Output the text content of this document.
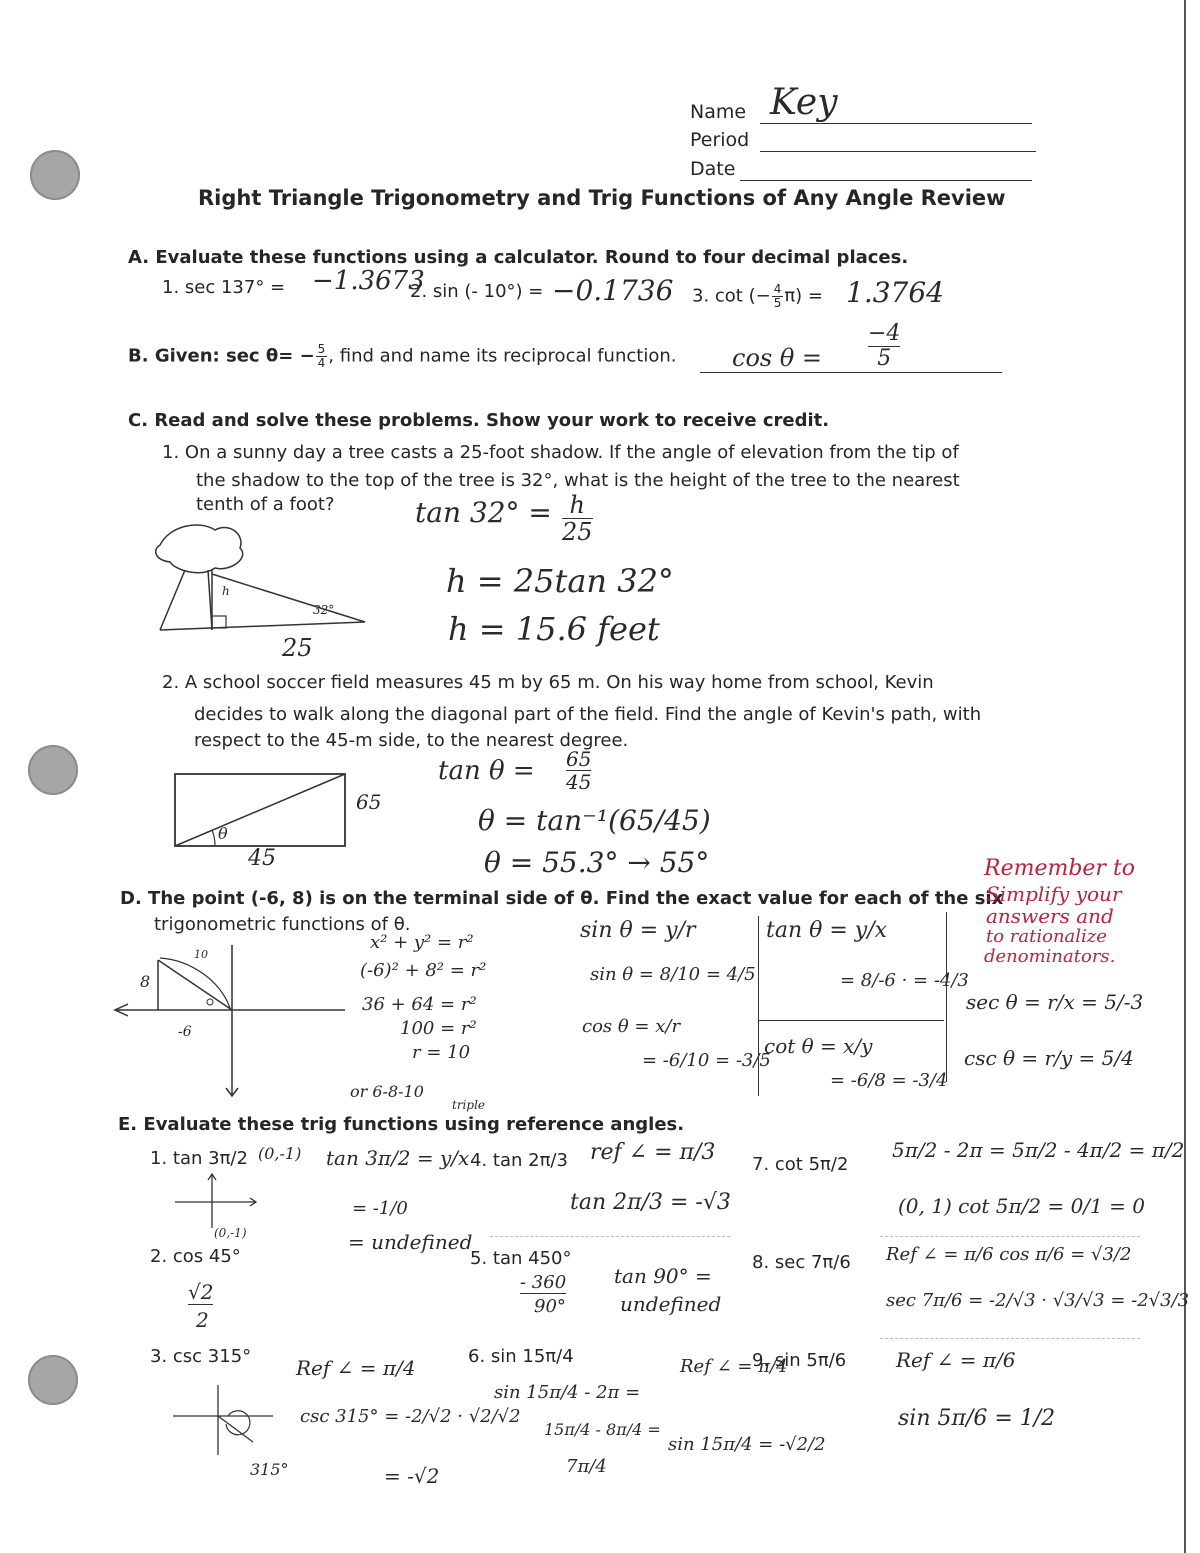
Name Key
Period
Date
Right Triangle Trigonometry and Trig Functions of Any Angle Review
A. Evaluate these functions using a calculator. Round to four decimal places.
1. sec 137° = −1.3673
2. sin (- 10°) = −0.1736 3. cot (− $\frac{4}{5} \pi) = 1.3764$
B. Given: $\sec \theta= - \frac{5}{4}$ , find and name its reciprocal function. $\cos \theta = \frac{-4}{5}$
C. Read and solve these problems. Show your work to receive credit.
1. On a sunny day a tree casts a 25-foot shadow. If the angle of elevation from the tip of
the shadow to the top of the tree is 32°, what is the height of the tree to the nearest
tenth of a foot?	$\tan 32^\circ = \frac{h}{25}$
h = 25tan 32°
h = 15.6 feet
h
32°
25
2. A school soccer field measures 45 m by 65 m. On his way home from school, Kevin
decides to walk along the diagonal part of the field. Find the angle of Kevin's path, with
respect to the 45-m side, to the nearest degree.
$\tan \theta = \frac{65}{45}$
θ = tan⁻¹(65/45)
θ = 55.3° → 55°
65
45
θ
D. The point (-6, 8) is on the terminal side of θ. Find the exact value for each of the six
trigonometric functions of θ.
8
10
-6
x² + y² = r²
(-6)² + 8² = r²
36 + 64 = r²
100 = r²
r = 10
or 6-8-10
triple
sin θ = y/r
sin θ = 8/10 = 4/5
cos θ = x/r
= -6/10 = -3/5
tan θ = y/x
= 8/-6 · = -4/3
cot θ = x/y
= -6/8 = -3/4
sec θ = r/x = 5/-3
csc θ = r/y = 5/4
Remember to
Simplify your
answers and
to rationalize
denominators.
E. Evaluate these trig functions using reference angles.
1. tan 3π/2 (0,-1) tan 3π/2 = y/x
= -1/0
= undefined
(0,-1)
2. cos 45°
√2
2
3. csc 315° Ref ∠ = π/4
csc 315° = -2/√2 · √2/√2
= -√2
315°
4. tan 2π/3 ref ∠ = π/3
tan 2π/3 = -√3
5. tan 450°
- 360
90°
tan 90° =
undefined
6. sin 15π/4	Ref ∠ = π/4
sin 15π/4 - 2π =
15π/4 - 8π/4 =
7π/4
sin 15π/4 = -√2/2
7. cot 5π/2
5π/2 - 2π = 5π/2 - 4π/2 = π/2
(0, 1) cot 5π/2 = 0/1 = 0
8. sec 7π/6 Ref ∠ = π/6 cos π/6 = √3/2
sec 7π/6 = -2/√3 · √3/√3 = -2√3/3
9. sin 5π/6 Ref ∠ = π/6
sin 5π/6 = 1/2
